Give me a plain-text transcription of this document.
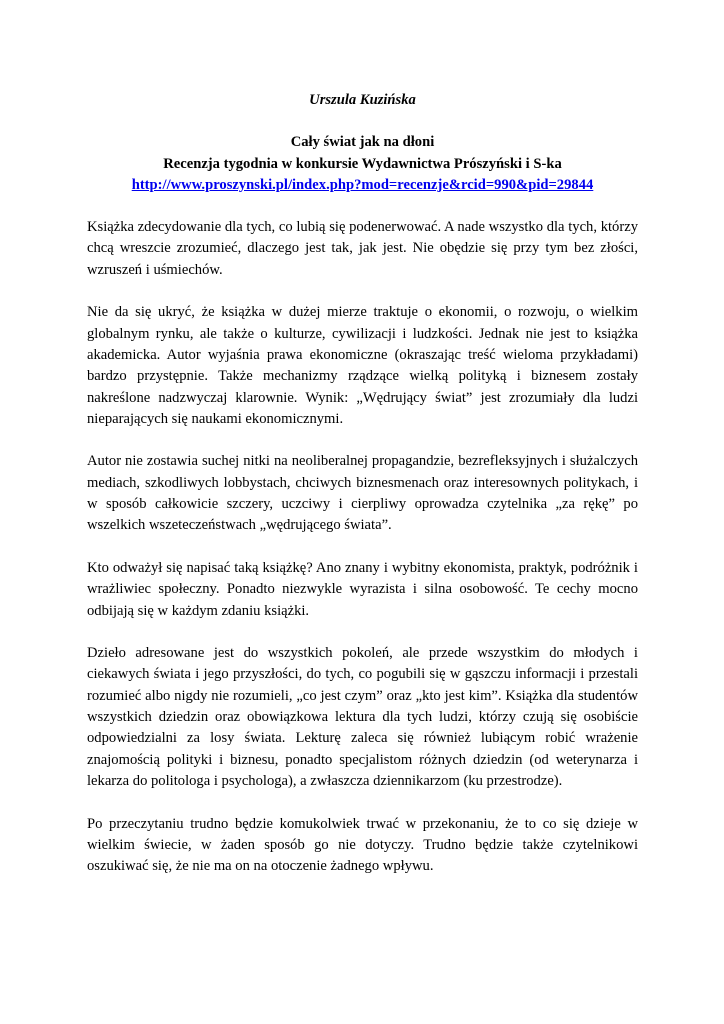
Urszula Kuzińska
Cały świat jak na dłoni
Recenzja tygodnia w konkursie Wydawnictwa Prószyński i S-ka
http://www.proszynski.pl/index.php?mod=recenzje&rcid=990&pid=29844

Książka zdecydowanie dla tych, co lubią się podenerwować. A nade wszystko dla tych, którzy chcą wreszcie zrozumieć, dlaczego jest tak, jak jest. Nie obędzie się przy tym bez złości, wzruszeń i uśmiechów.

Nie da się ukryć, że książka w dużej mierze traktuje o ekonomii, o rozwoju, o wielkim globalnym rynku, ale także o kulturze, cywilizacji i ludzkości. Jednak nie jest to książka akademicka. Autor wyjaśnia prawa ekonomiczne (okraszając treść wieloma przykładami) bardzo przystępnie. Także mechanizmy rządzące wielką polityką i biznesem zostały nakreślone nadzwyczaj klarownie. Wynik: „Wędrujący świat” jest zrozumiały dla ludzi nieparających się naukami ekonomicznymi.

Autor nie zostawia suchej nitki na neoliberalnej propagandzie, bezrefleksyjnych i służalczych mediach, szkodliwych lobbystach, chciwych biznesmenach oraz interesownych politykach, i w sposób całkowicie szczery, uczciwy i cierpliwy oprowadza czytelnika „za rękę” po wszelkich wszeteczeństwach „wędrującego świata”.

Kto odważył się napisać taką książkę? Ano znany i wybitny ekonomista, praktyk, podróżnik i wrażliwiec społeczny. Ponadto niezwykle wyrazista i silna osobowość. Te cechy mocno odbijają się w każdym zdaniu książki.

Dzieło adresowane jest do wszystkich pokoleń, ale przede wszystkim do młodych i ciekawych świata i jego przyszłości, do tych, co pogubili się w gąszczu informacji i przestali rozumieć albo nigdy nie rozumieli, „co jest czym” oraz „kto jest kim”. Książka dla studentów wszystkich dziedzin oraz obowiązkowa lektura dla tych ludzi, którzy czują się osobiście odpowiedzialni za losy świata. Lekturę zaleca się również lubiącym robić wrażenie znajomością polityki i biznesu, ponadto specjalistom różnych dziedzin (od weterynarza i lekarza do politologa i psychologa), a zwłaszcza dziennikarzom (ku przestrodze).

Po przeczytaniu trudno będzie komukolwiek trwać w przekonaniu, że to co się dzieje w wielkim świecie, w żaden sposób go nie dotyczy. Trudno będzie także czytelnikowi oszukiwać się, że nie ma on na otoczenie żadnego wpływu.
